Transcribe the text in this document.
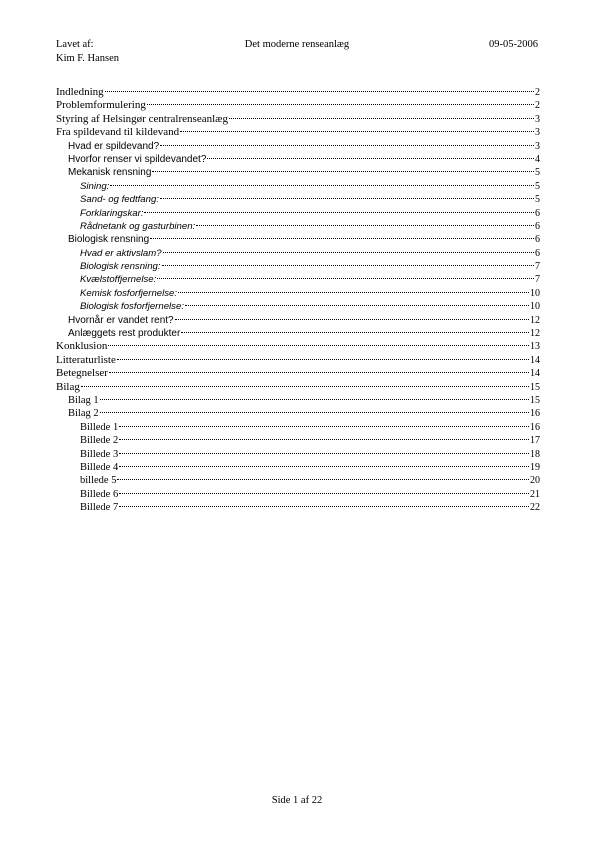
Lavet af:	Det moderne renseanlæg	09-05-2006
Kim F. Hansen
Indledning	2
Problemformulering	2
Styring af Helsingør centralrenseanlæg	3
Fra spildevand til kildevand	3
Hvad er spildevand?	3
Hvorfor renser vi spildevandet?	4
Mekanisk rensning	5
Sining:	5
Sand- og fedtfang:	5
Forklaringskar:	6
Rådnetank og gasturbinen:	6
Biologisk rensning	6
Hvad er aktivslam?	6
Biologisk rensning:	7
Kvælstoffjernelse:	7
Kemisk fosforfjernelse:	10
Biologisk fosforfjernelse:	10
Hvornår er vandet rent?	12
Anlæggets rest produkter	12
Konklusion	13
Litteraturliste	14
Betegnelser	14
Bilag	15
Bilag 1	15
Bilag 2	16
Billede 1	16
Billede 2	17
Billede 3	18
Billede 4	19
billede 5	20
Billede 6	21
Billede 7	22
Side 1 af 22
